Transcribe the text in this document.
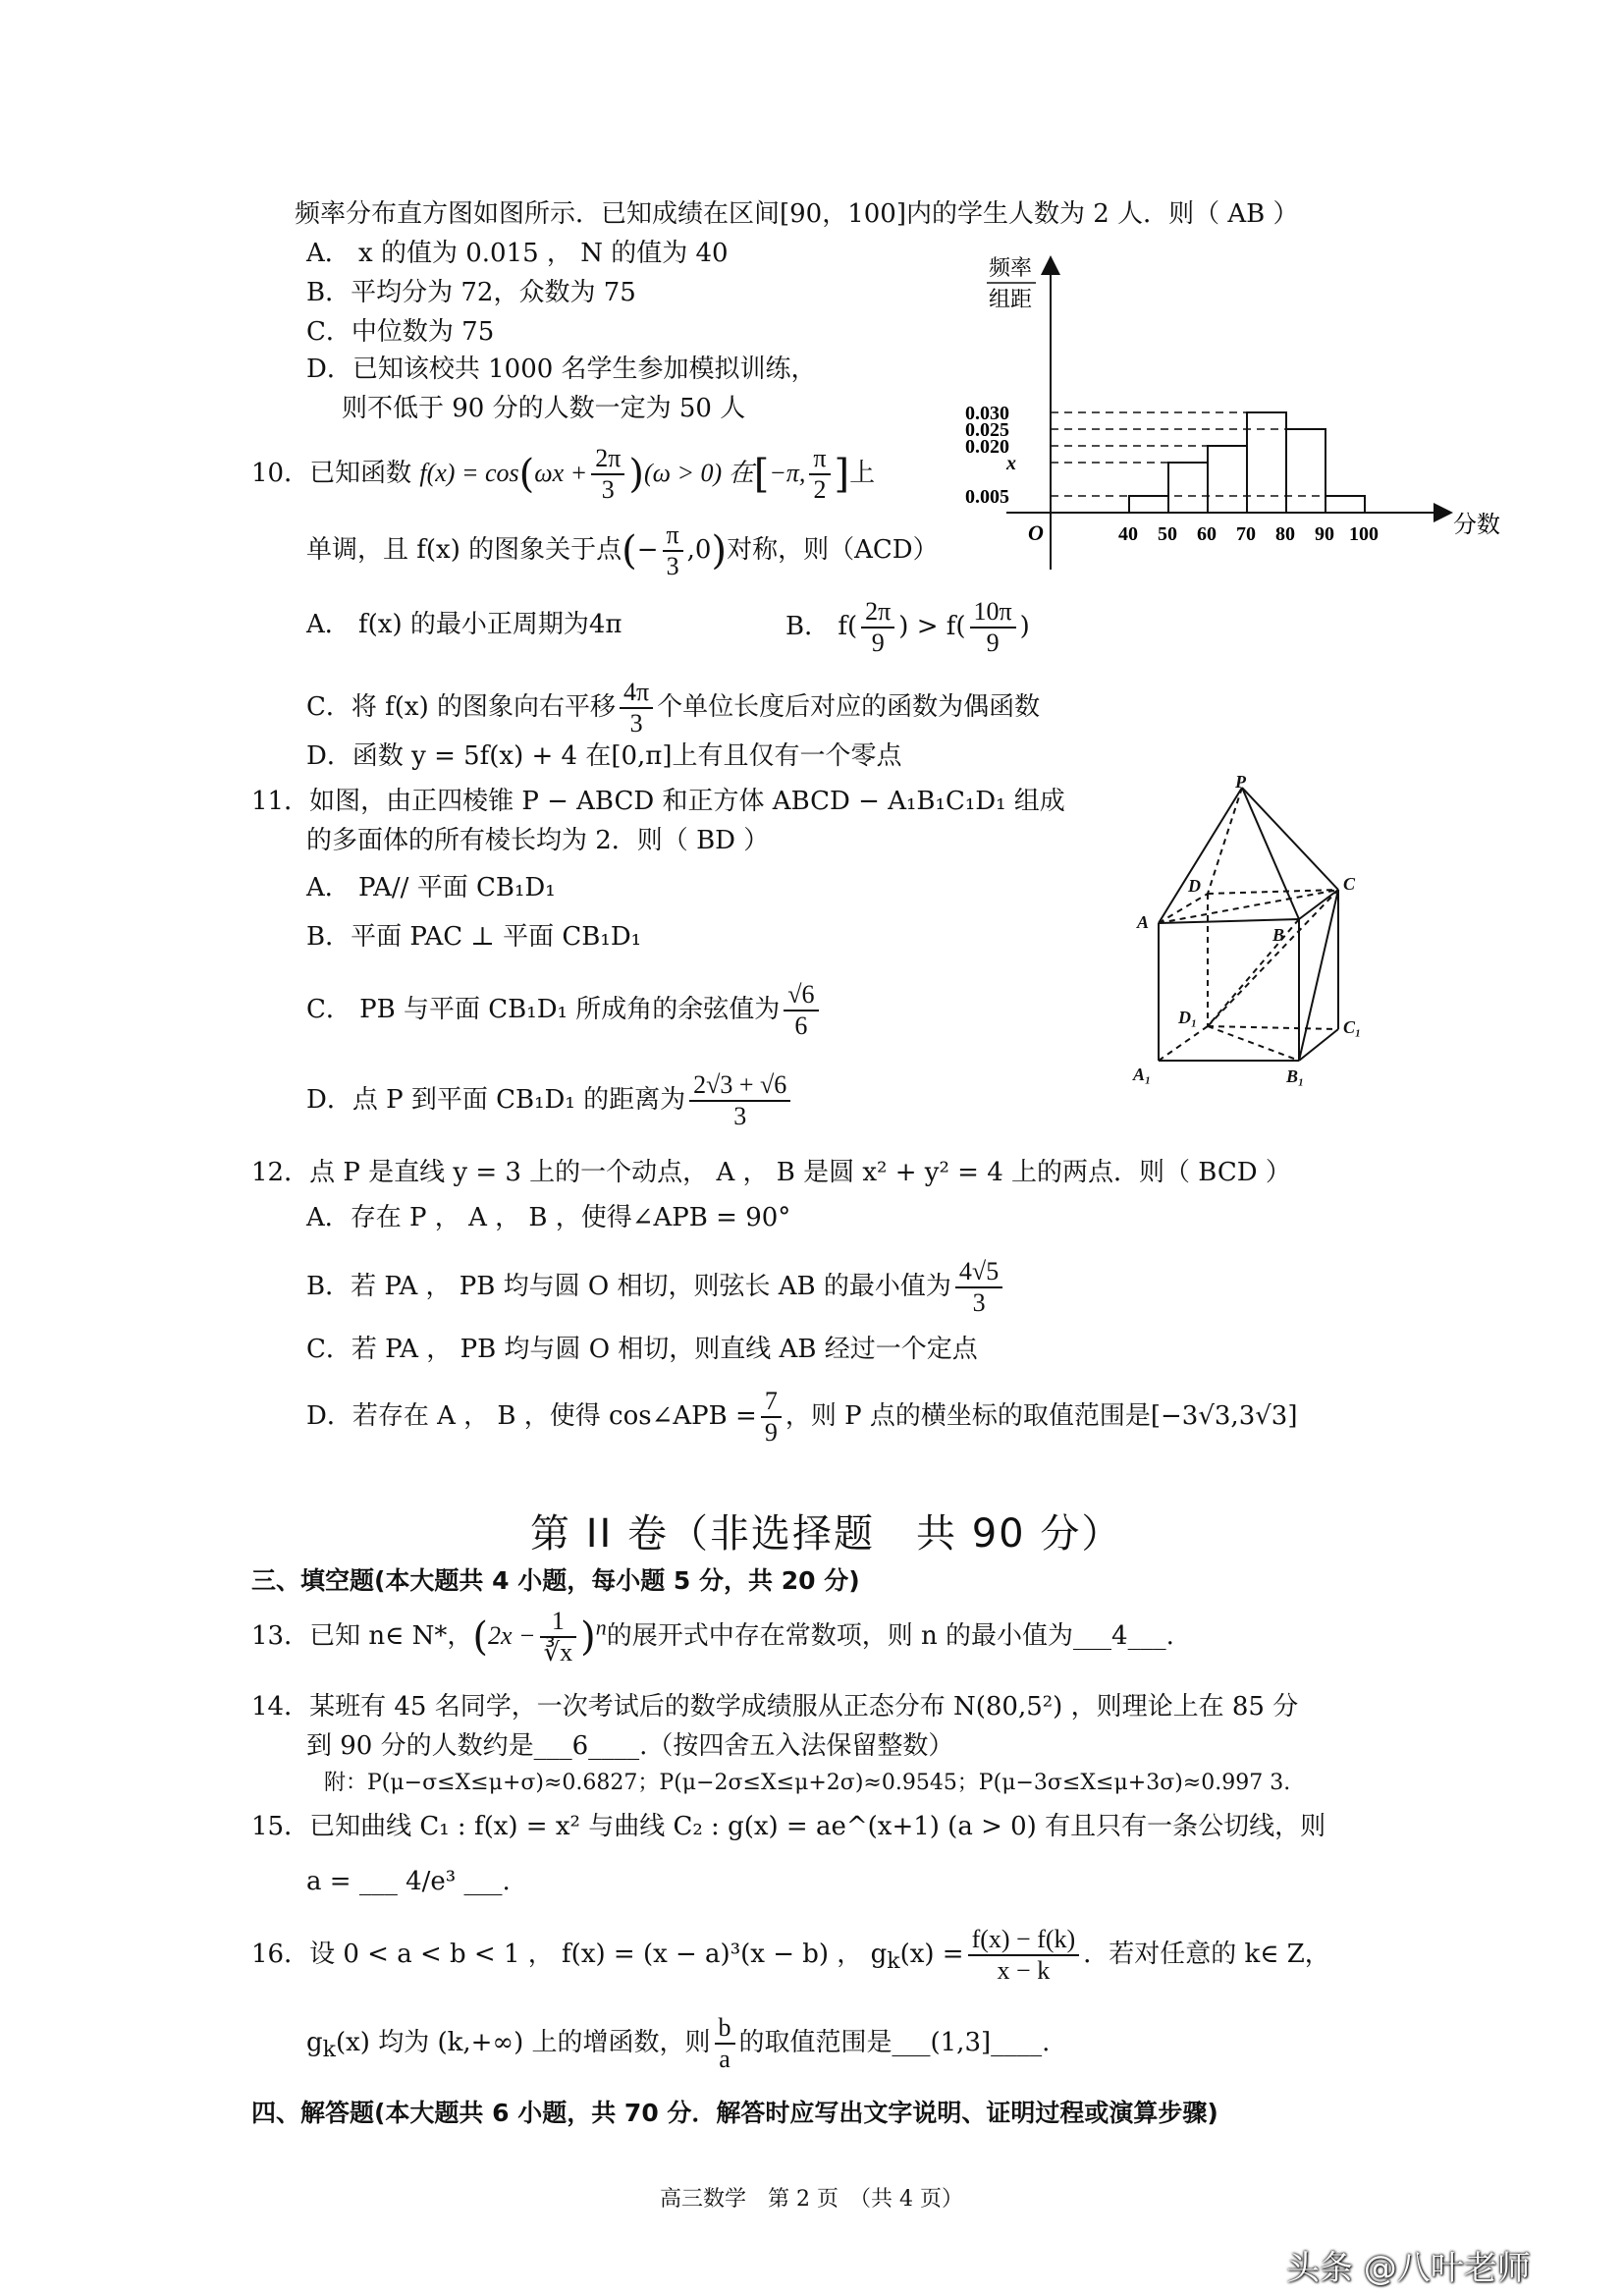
频率分布直方图如图所示．已知成绩在区间[90，100]内的学生人数为 2 人．则（ AB ）
A． x 的值为 0.015 ， N 的值为 40
B．平均分为 72，众数为 75
C．中位数为 75
D．已知该校共 1000 名学生参加模拟训练，
则不低于 90 分的人数一定为 50 人
频率
组距
O	分数
40 50 60 70 80 90 100
0.030
0.025
0.020
x
0.005
10．已知函数 $f(x) = \cos(\omega x + \frac{2\pi}{3} )(\omega > 0)$ 在[−π, $\frac{\pi}{2}$ ]上
单调，且 f(x) 的图象关于点(− $\frac{\pi}{3} ,0$)对称，则（ACD）
A． f(x) 的最小正周期为4π	B． $f( \frac{2\pi}{9}$ ) > $f( \frac{10\pi}{9}$ )
C．将 f(x) 的图象向右平移 $\frac{4\pi}{3}$ 个单位长度后对应的函数为偶函数
D．函数 y = 5f(x) + 4 在[0,π]上有且仅有一个零点
11．如图，由正四棱锥 P − ABCD 和正方体 ABCD − A₁B₁C₁D₁ 组成
的多面体的所有棱长均为 2．则（ BD ）
A． PA// 平面 CB₁D₁
B．平面 PAC ⊥ 平面 CB₁D₁
C． PB 与平面 CB₁D₁ 所成角的余弦值为 $\frac{√6}{6}$
D．点 P 到平面 CB₁D₁ 的距离为 $\frac{2√3 + √6}{3}$
P
D	C
A
B
D₁	C₁
A₁	B₁
12．点 P 是直线 y = 3 上的一个动点， A ， B 是圆 x² + y² = 4 上的两点．则（ BCD ）
A．存在 P ， A ， B ，使得∠APB = 90°
B．若 PA ， PB 均与圆 O 相切，则弦长 AB 的最小值为 $\frac{4√5}{3}$
C．若 PA ， PB 均与圆 O 相切，则直线 AB 经过一个定点
D．若存在 A ， B ，使得 cos∠APB = $\frac{7}{9}$ ，则 P 点的横坐标的取值范围是[−3√3,3√3]
第 II 卷（非选择题　共 90 分）
三、填空题(本大题共 4 小题，每小题 5 分，共 20 分)
13．已知 n∈ N*，$(2x - \frac{1}{∛x} )^n$的展开式中存在常数项，则 n 的最小值为___4___.
14．某班有 45 名同学，一次考试后的数学成绩服从正态分布 N(80,5²) ，则理论上在 85 分
到 90 分的人数约是___6____.（按四舍五入法保留整数）
附：P(μ−σ≤X≤μ+σ)≈0.6827；P(μ−2σ≤X≤μ+2σ)≈0.9545；P(μ−3σ≤X≤μ+3σ)≈0.997 3.
15．已知曲线 C₁ : f(x) = x² 与曲线 C₂ : g(x) = ae^(x+1) (a > 0) 有且只有一条公切线，则
a = ___ 4/e³ ___.
16．设 0 < a < b < 1 ， f(x) = (x − a)³(x − b) ， $g_k(x) = \frac{f(x) - f(k)}{x - k}$ ．若对任意的 k∈ Z，
$g_k(x)$ 均为 (k,+∞) 上的增函数，则 $\frac{b}{a}$ 的取值范围是___(1,3]____.
四、解答题(本大题共 6 小题，共 70 分．解答时应写出文字说明、证明过程或演算步骤)
高三数学　第 2 页　（共 4 页）
头条 @八叶老师
